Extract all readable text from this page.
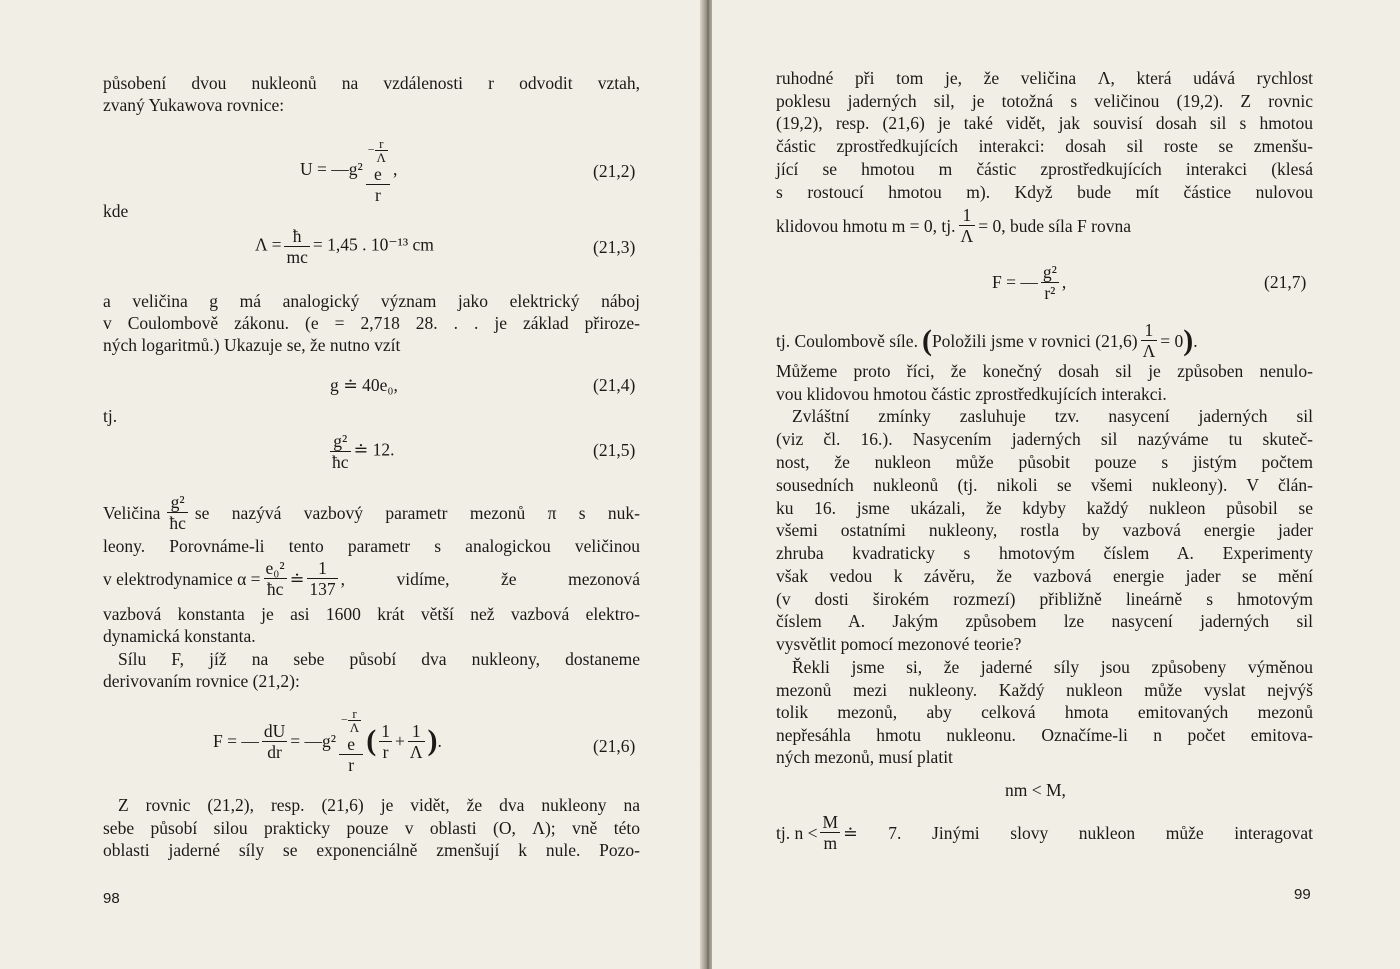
působení dvou nukleonů na vzdálenosti r odvodit vztah,
zvaný Yukawova rovnice:
U = —g²
− $\frac{r}{\Lambda}$
e
r
,	(21,2)
kde
$\Lambda = \frac{ħ}{mc} = 1,45$ . 10⁻¹³ cm	(21,3)
a veličina g má analogický význam jako elektrický náboj
v Coulombově zákonu. (e = 2,718 28. . . je základ přiroze-
ných logaritmů.) Ukazuje se, že nutno vzít
g ≐ 40e₀,	(21,4)
tj.
$\frac{\text{g²}}{ħc}$ ≐ 12.	(21,5)
Veličina
g²
ħc
se nazývá vazbový parametr mezonů π s nuk-
leony. Porovnáme-li tento parametr s analogickou veličinou
v elektrodynamice $\alpha = \frac{\text{e₀²}}{ħc}$ ≐
1
137
, vidíme, že mezonová
vazbová konstanta je asi 1600 krát větší než vazbová elektro-
dynamická konstanta.
Sílu F, jíž na sebe působí dva nukleony, dostaneme
derivovaním rovnice (21,2):
F = — $\frac{dU}{dr}$ = —g²
− $\frac{r}{\Lambda}$
e
r
( 1
r
+ $\frac{1}{\Lambda}$ ) .	(21,6)
Z rovnic (21,2), resp. (21,6) je vidět, že dva nukleony na
sebe působí silou prakticky pouze v oblasti (O, Λ); vně této
oblasti jaderné síly se exponenciálně zmenšují k nule. Pozo-
98
ruhodné při tom je, že veličina Λ, která udává rychlost
poklesu jaderných sil, je totožná s veličinou (19,2). Z rovnic
(19,2), resp. (21,6) je také vidět, jak souvisí dosah sil s hmotou
částic zprostředkujících interakci: dosah sil roste se zmenšu-
jící se hmotou m částic zprostředkujících interakci (klesá
s rostoucí hmotou m). Když bude mít částice nulovou
klidovou hmotu m = 0, tj. $\frac{1}{\Lambda} = 0$, bude síla F rovna
F = — g²
r²
,	(21,7)
tj. Coulombově síle. ( Položili jsme v rovnici $(21,6) \frac{1}{\Lambda} = 0$ ) .
Můžeme proto říci, že konečný dosah sil je způsoben nenulo-
vou klidovou hmotou částic zprostředkujících interakci.
Zvláštní zmínky zasluhuje tzv. nasycení jaderných sil
(viz čl. 16.). Nasycením jaderných sil nazýváme tu skuteč-
nost, že nukleon může působit pouze s jistým počtem
sousedních nukleonů (tj. nikoli se všemi nukleony). V člán-
ku 16. jsme ukázali, že kdyby každý nukleon působil se
všemi ostatními nukleony, rostla by vazbová energie jader
zhruba kvadraticky s hmotovým číslem A. Experimenty
však vedou k závěru, že vazbová energie jader se mění
(v dosti širokém rozmezí) přibližně lineárně s hmotovým
číslem A. Jakým způsobem lze nasycení jaderných sil
vysvětlit pomocí mezonové teorie?
Řekli jsme si, že jaderné síly jsou způsobeny výměnou
mezonů mezi nukleony. Každý nukleon může vyslat nejvýš
tolik mezonů, aby celková hmota emitovaných mezonů
nepřesáhla hmotu nukleonu. Označíme-li n počet emitova-
ných mezonů, musí platit
nm < M,
tj. n <
M
m
≐ 7. Jinými slovy nukleon může interagovat
99
